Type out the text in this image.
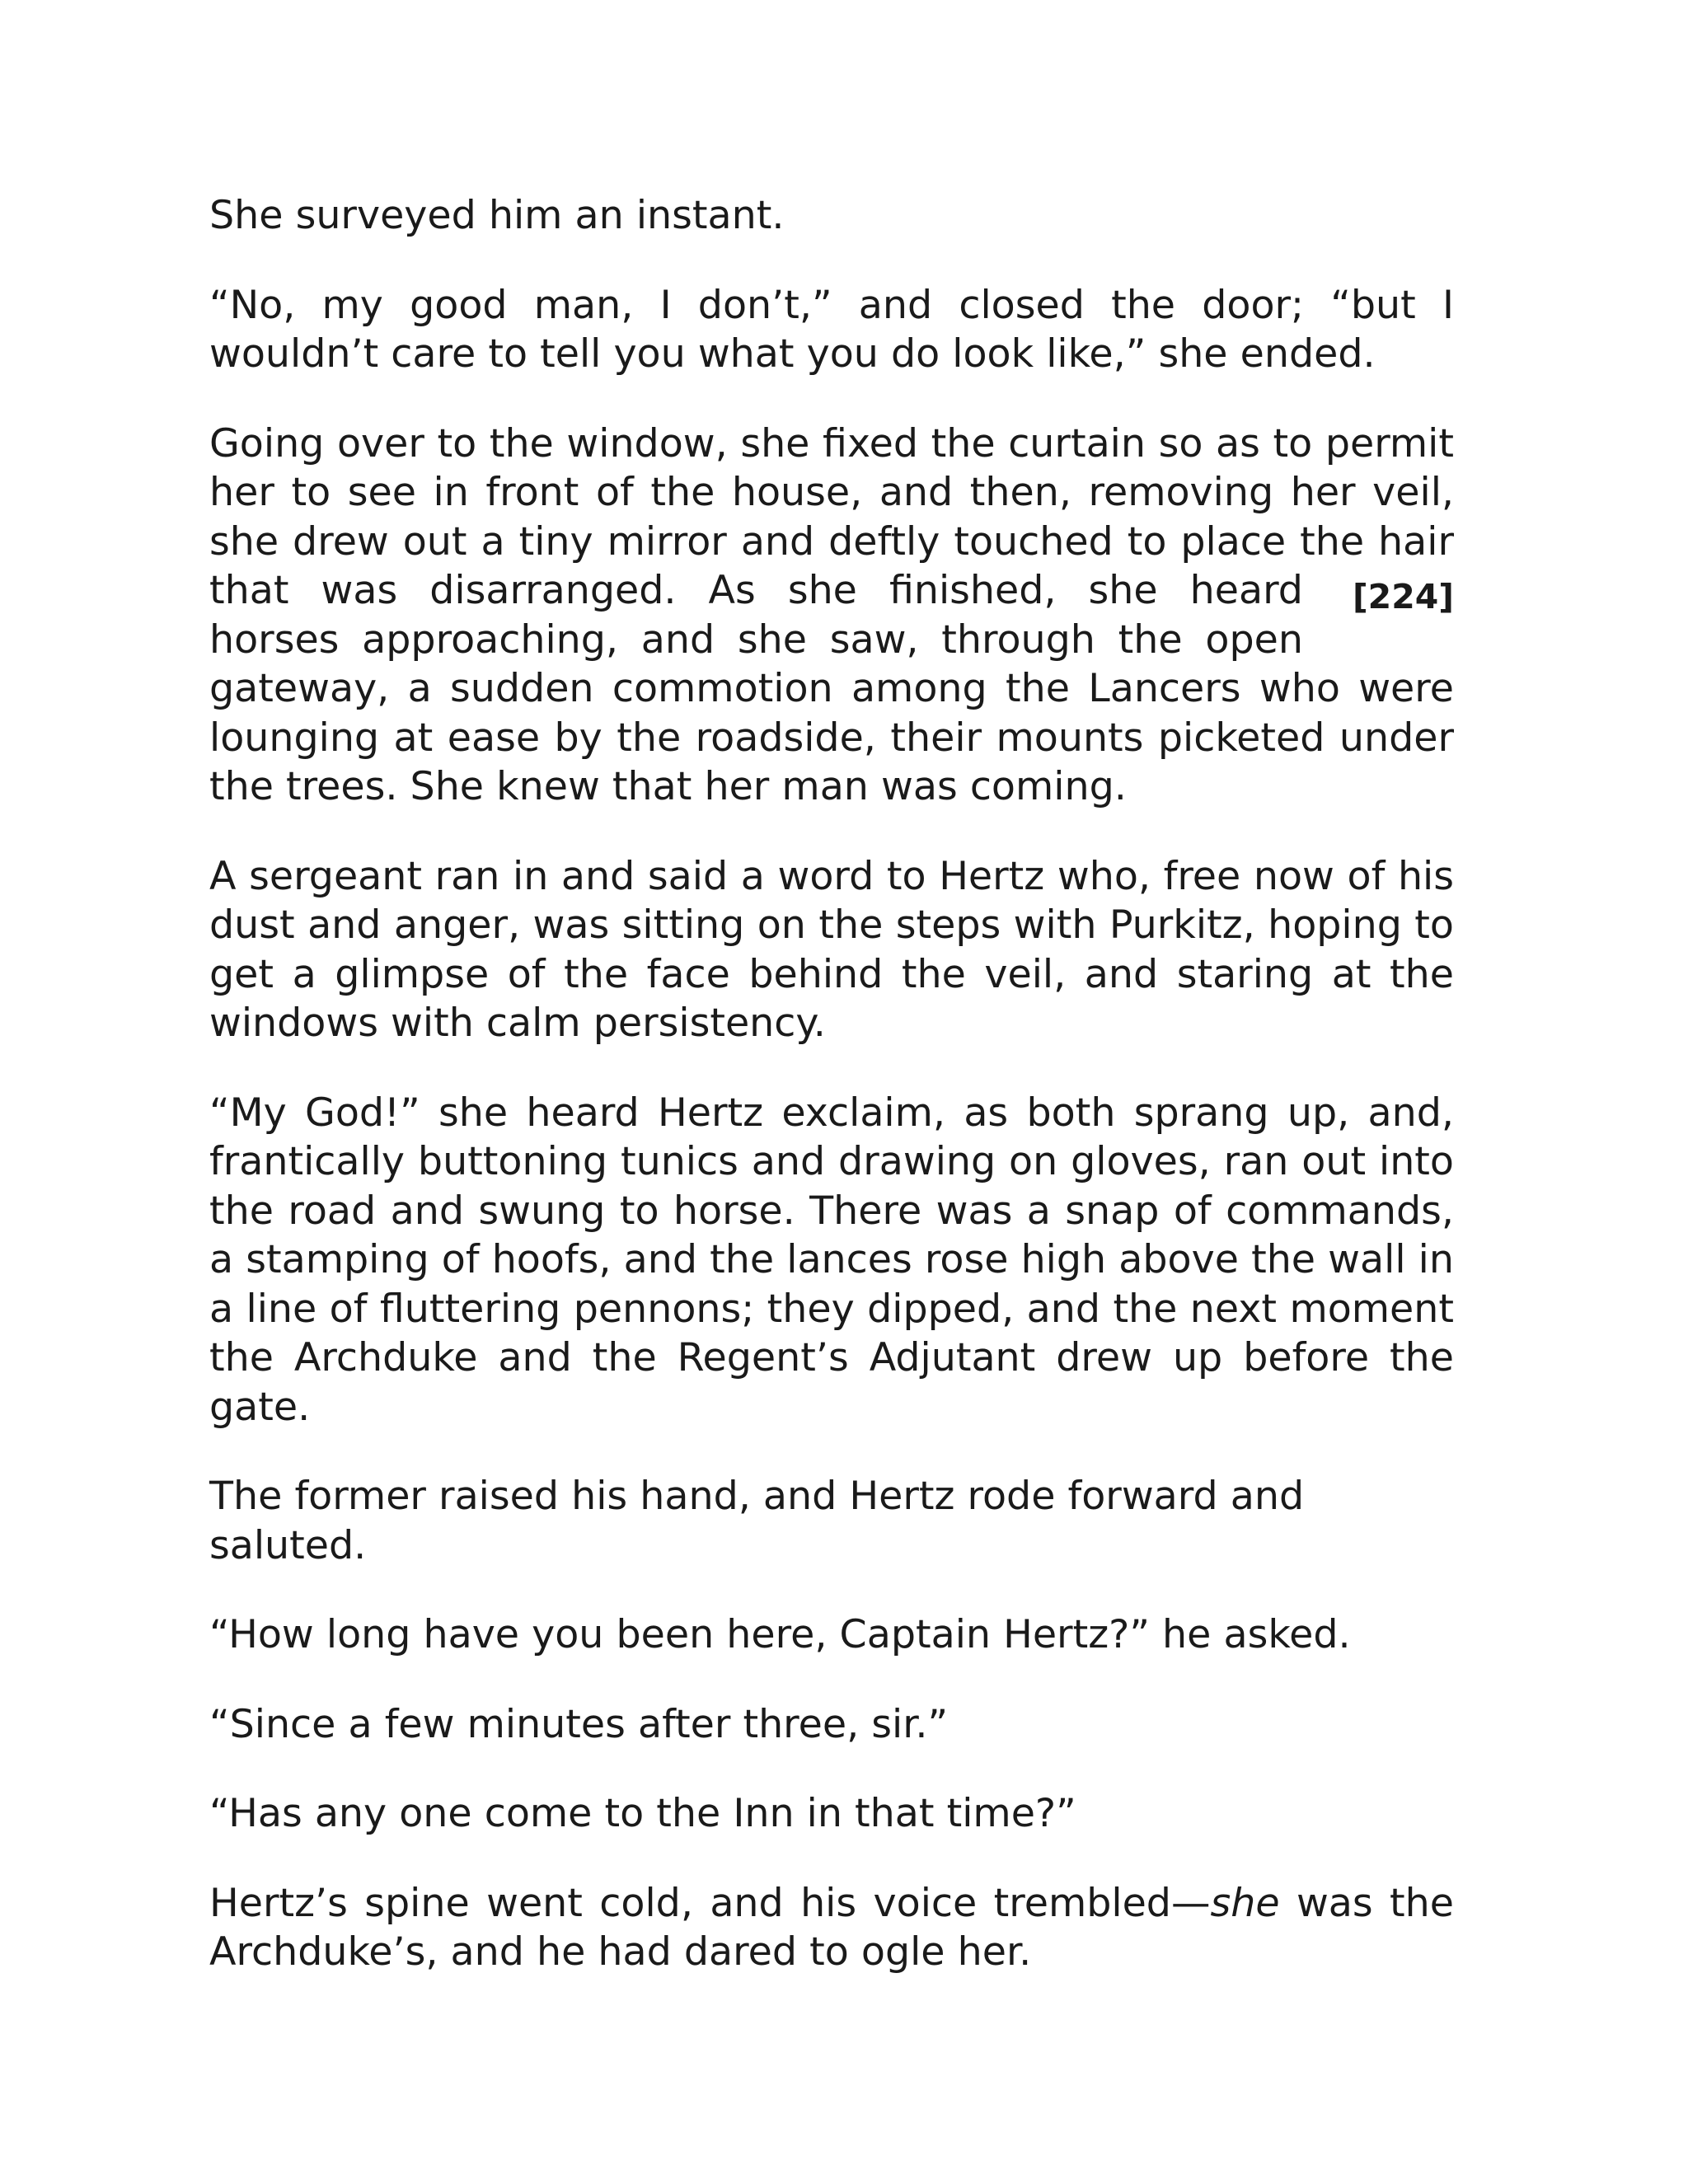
She surveyed him an instant.

“No, my good man, I don’t,” and closed the door; “but I wouldn’t care to tell you what you do look like,” she ended.

Going over to the window, she fixed the curtain so as to permit her to see in front of the house, and then, removing her veil, she drew out a tiny mirror and deftly touched to place the hair that	[224]
was disarranged. As she finished, she heard horses approaching, and she saw, through the open gateway, a sudden commotion among the Lancers who were lounging at ease by the roadside, their mounts picketed under the trees. She knew that her man was coming.

A sergeant ran in and said a word to Hertz who, free now of his dust and anger, was sitting on the steps with Purkitz, hoping to get a glimpse of the face behind the veil, and staring at the windows with calm persistency.

“My God!” she heard Hertz exclaim, as both sprang up, and, frantically buttoning tunics and drawing on gloves, ran out into the road and swung to horse. There was a snap of commands, a stamping of hoofs, and the lances rose high above the wall in a line of fluttering pennons; they dipped, and the next moment the Archduke and the Regent’s Adjutant drew up before the gate.

The former raised his hand, and Hertz rode forward and saluted.

“How long have you been here, Captain Hertz?” he asked.

“Since a few minutes after three, sir.”

“Has any one come to the Inn in that time?”

Hertz’s spine went cold, and his voice trembled—she was the Archduke’s, and he had dared to ogle her.
